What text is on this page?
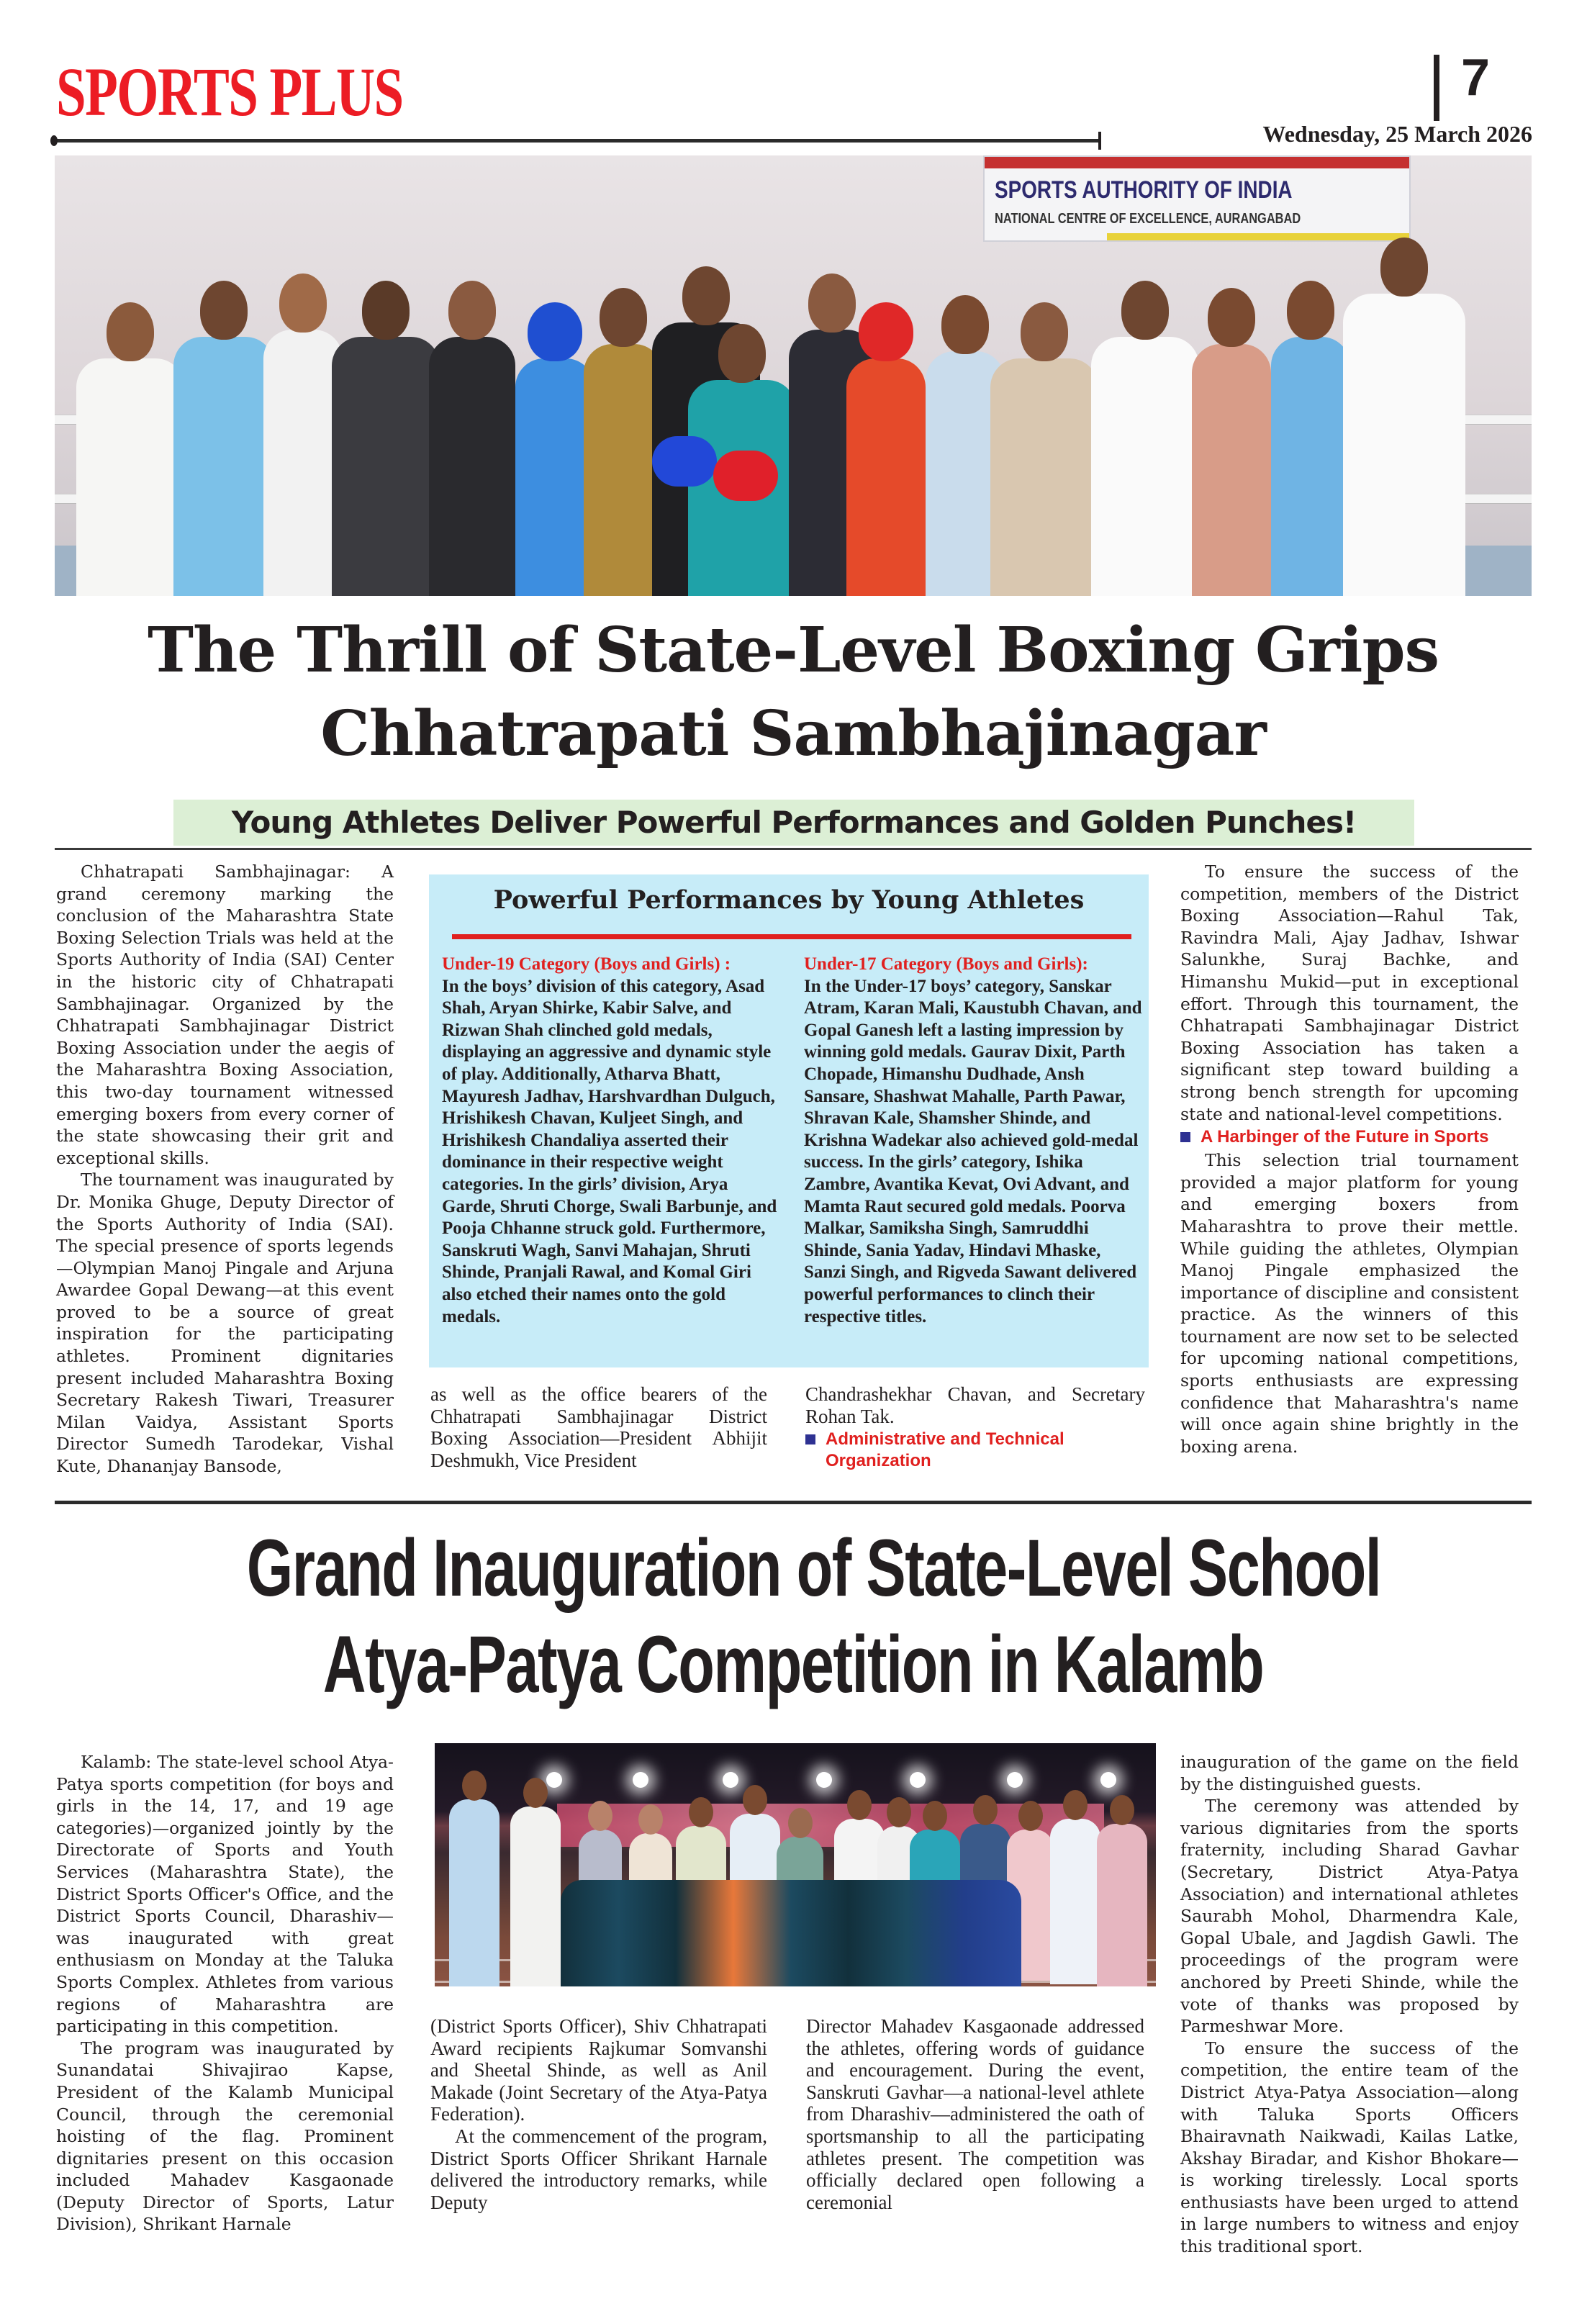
SPORTS PLUS	7
Wednesday, 25 March 2026
SPORTS AUTHORITY OF INDIA
NATIONAL CENTRE OF EXCELLENCE, AURANGABAD
The Thrill of State-Level Boxing Grips
Chhatrapati Sambhajinagar
Young Athletes Deliver Powerful Performances and Golden Punches!

Chhatrapati Sambhajinagar: A grand ceremony marking the conclusion of the Maharashtra State Boxing Selection Trials was held at the Sports Authority of India (SAI) Center in the historic city of Chhatrapati Sambhajinagar. Organized by the Chhatrapati Sambhajinagar District Boxing Association under the aegis of the Maharashtra Boxing Association, this two-day tournament witnessed emerging boxers from every corner of the state showcasing their grit and exceptional skills.

The tournament was inaugurated by Dr. Monika Ghuge, Deputy Director of the Sports Authority of India (SAI). The special presence of sports legends—Olympian Manoj Pingale and Arjuna Awardee Gopal Dewang—at this event proved to be a source of great inspiration for the participating athletes. Prominent dignitaries present included Maharashtra Boxing Secretary Rakesh Tiwari, Treasurer Milan Vaidya, Assistant Sports Director Sumedh Tarodekar, Vishal Kute, Dhananjay Bansode,

Powerful Performances by Young Athletes
Under-19 Category (Boys and Girls) :
In the boys’ division of this category, Asad Shah, Aryan Shirke, Kabir Salve, and Rizwan Shah clinched gold medals, displaying an aggressive and dynamic style of play. Additionally, Atharva Bhatt, Mayuresh Jadhav, Harshvardhan Dulguch, Hrishikesh Chavan, Kuljeet Singh, and Hrishikesh Chandaliya asserted their dominance in their respective weight categories. In the girls’ division, Arya Garde, Shruti Chorge, Swali Barbunje, and Pooja Chhanne struck gold. Furthermore, Sanskruti Wagh, Sanvi Mahajan, Shruti Shinde, Pranjali Rawal, and Komal Giri also etched their names onto the gold medals.
Under-17 Category (Boys and Girls):
In the Under-17 boys’ category, Sanskar Atram, Karan Mali, Kaustubh Chavan, and Gopal Ganesh left a lasting impression by winning gold medals. Gaurav Dixit, Parth Chopade, Himanshu Dudhade, Ansh Sansare, Shashwat Mahalle, Parth Pawar, Shravan Kale, Shamsher Shinde, and Krishna Wadekar also achieved gold-medal success. In the girls’ category, Ishika Zambre, Avantika Kevat, Ovi Advant, and Mamta Raut secured gold medals. Poorva Malkar, Samiksha Singh, Samruddhi Shinde, Sania Yadav, Hindavi Mhaske, Sanzi Singh, and Rigveda Sawant delivered powerful performances to clinch their respective titles.

as well as the office bearers of the Chhatrapati Sambhajinagar District Boxing Association—President Abhijit Deshmukh, Vice President

Chandrashekhar Chavan, and Secretary Rohan Tak.

Administrative and Technical Organization

To ensure the success of the competition, members of the District Boxing Association—Rahul Tak, Ravindra Mali, Ajay Jadhav, Ishwar Salunkhe, Suraj Bachke, and Himanshu Mukid—put in exceptional effort. Through this tournament, the Chhatrapati Sambhajinagar District Boxing Association has taken a significant step toward building a strong bench strength for upcoming state and national-level competitions.

A Harbinger of the Future in Sports

This selection trial tournament provided a major platform for young and emerging boxers from Maharashtra to prove their mettle. While guiding the athletes, Olympian Manoj Pingale emphasized the importance of discipline and consistent practice. As the winners of this tournament are now set to be selected for upcoming national competitions, sports enthusiasts are expressing confidence that Maharashtra's name will once again shine brightly in the boxing arena.

Grand Inauguration of State-Level School
Atya-Patya Competition in Kalamb

Kalamb: The state-level school Atya-Patya sports competition (for boys and girls in the 14, 17, and 19 age categories)—organized jointly by the Directorate of Sports and Youth Services (Maharashtra State), the District Sports Officer's Office, and the District Sports Council, Dharashiv—was inaugurated with great enthusiasm on Monday at the Taluka Sports Complex. Athletes from various regions of Maharashtra are participating in this competition.

The program was inaugurated by Sunandatai Shivajirao Kapse, President of the Kalamb Municipal Council, through the ceremonial hoisting of the flag. Prominent dignitaries present on this occasion included Mahadev Kasgaonade (Deputy Director of Sports, Latur Division), Shrikant Harnale

(District Sports Officer), Shiv Chhatrapati Award recipients Rajkumar Somvanshi and Sheetal Shinde, as well as Anil Makade (Joint Secretary of the Atya-Patya Federation).

At the commencement of the program, District Sports Officer Shrikant Harnale delivered the introductory remarks, while Deputy

Director Mahadev Kasgaonade addressed the athletes, offering words of guidance and encouragement. During the event, Sanskruti Gavhar—a national-level athlete from Dharashiv—administered the oath of sportsmanship to all the participating athletes present. The competition was officially declared open following a ceremonial

inauguration of the game on the field by the distinguished guests.

The ceremony was attended by various dignitaries from the sports fraternity, including Sharad Gavhar (Secretary, District Atya-Patya Association) and international athletes Saurabh Mohol, Dharmendra Kale, Gopal Ubale, and Jagdish Gawli. The proceedings of the program were anchored by Preeti Shinde, while the vote of thanks was proposed by Parmeshwar More.

To ensure the success of the competition, the entire team of the District Atya-Patya Association—along with Taluka Sports Officers Bhairavnath Naikwadi, Kailas Latke, Akshay Biradar, and Kishor Bhokare—is working tirelessly. Local sports enthusiasts have been urged to attend in large numbers to witness and enjoy this traditional sport.
